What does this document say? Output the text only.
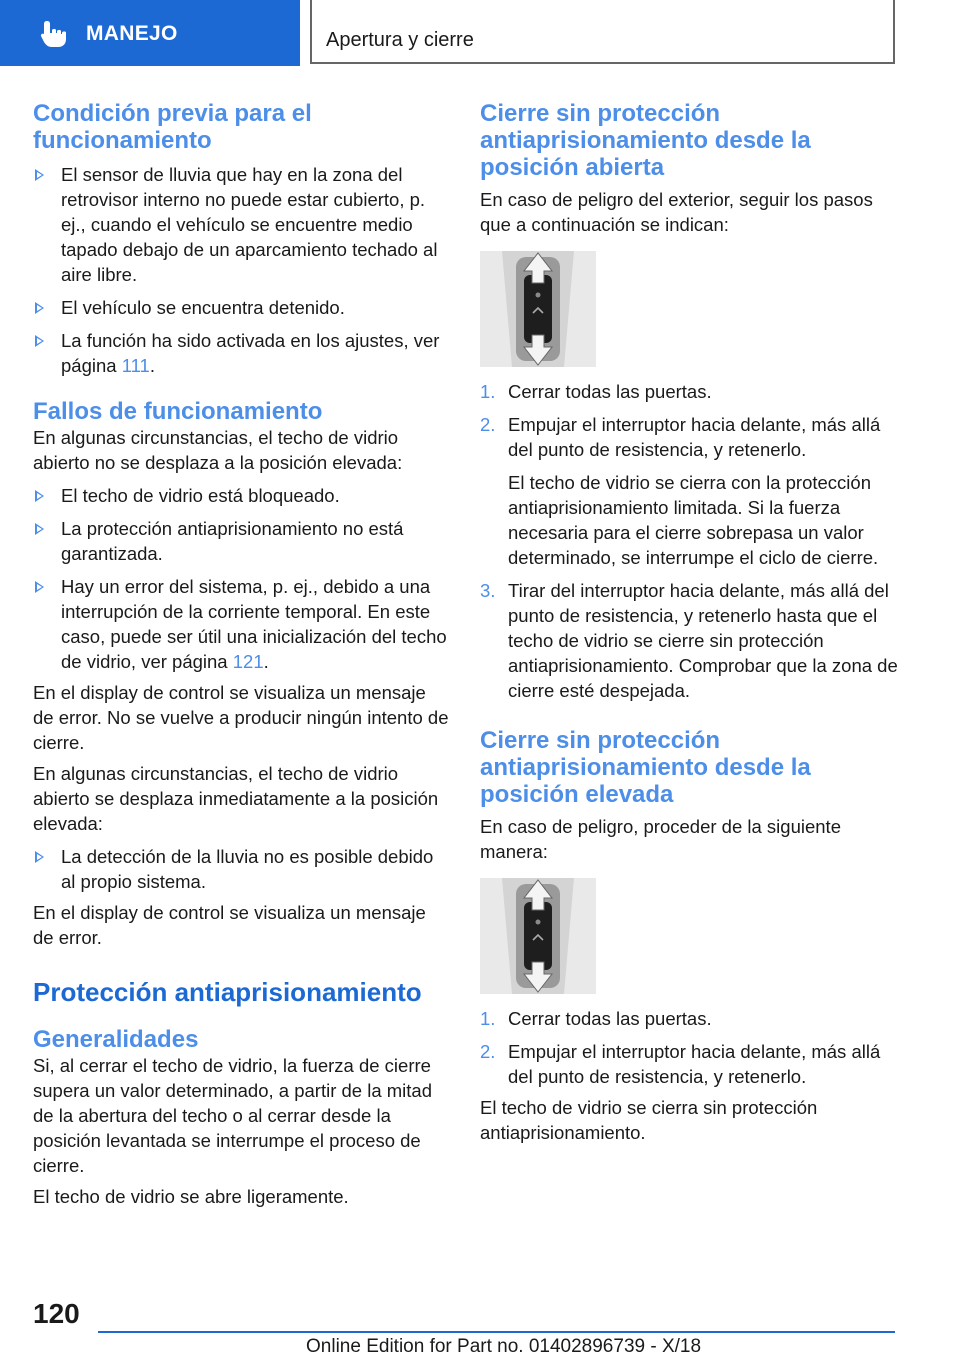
MANEJO	Apertura y cierre
Condición previa para el funcionamiento
El sensor de lluvia que hay en la zona del retrovisor interno no puede estar cubierto, p. ej., cuando el vehículo se encuentre medio tapado debajo de un aparcamiento techado al aire libre.
El vehículo se encuentra detenido.
La función ha sido activada en los ajustes, ver página 111.
Fallos de funcionamiento

En algunas circunstancias, el techo de vidrio abierto no se desplaza a la posición elevada:

El techo de vidrio está bloqueado.
La protección antiaprisionamiento no está garantizada.
Hay un error del sistema, p. ej., debido a una interrupción de la corriente temporal. En este caso, puede ser útil una inicialización del techo de vidrio, ver página 121.

En el display de control se visualiza un mensaje de error. No se vuelve a producir ningún intento de cierre.

En algunas circunstancias, el techo de vidrio abierto se desplaza inmediatamente a la posición elevada:

La detección de la lluvia no es posible debido al propio sistema.

En el display de control se visualiza un mensaje de error.

Protección antiaprisionamiento
Generalidades

Si, al cerrar el techo de vidrio, la fuerza de cierre supera un valor determinado, a partir de la mitad de la abertura del techo o al cerrar desde la posición levantada se interrumpe el proceso de cierre.

El techo de vidrio se abre ligeramente.

Cierre sin protección antiaprisionamiento desde la posición abierta

En caso de peligro del exterior, seguir los pasos que a continuación se indican:

1. Cerrar todas las puertas.
2. Empujar el interruptor hacia delante, más allá del punto de resistencia, y retenerlo.

El techo de vidrio se cierra con la protección antiaprisionamiento limitada. Si la fuerza necesaria para el cierre sobrepasa un valor determinado, se interrumpe el ciclo de cierre.

3. Tirar del interruptor hacia delante, más allá del punto de resistencia, y retenerlo hasta que el techo de vidrio se cierre sin protección antiaprisionamiento. Comprobar que la zona de cierre esté despejada.
Cierre sin protección antiaprisionamiento desde la posición elevada

En caso de peligro, proceder de la siguiente manera:

1. Cerrar todas las puertas.
2. Empujar el interruptor hacia delante, más allá del punto de resistencia, y retenerlo.

El techo de vidrio se cierra sin protección antiaprisionamiento.

120
Online Edition for Part no. 01402896739 - X/18
